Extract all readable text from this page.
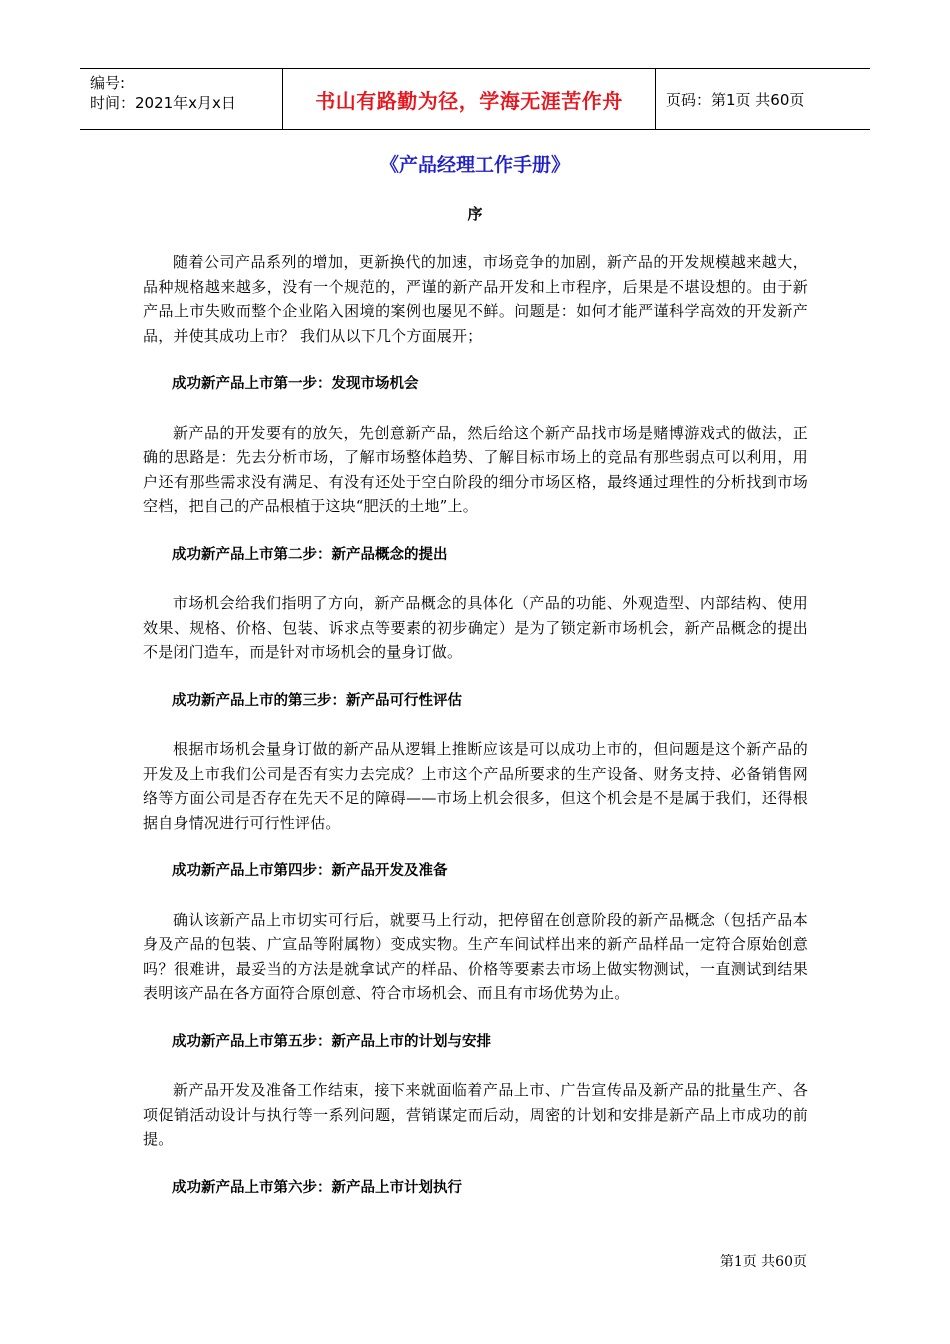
编号:
时间：2021年x月x日	书山有路勤为径，学海无涯苦作舟	页码：第1页 共60页
《产品经理工作手册》
序

随着公司产品系列的增加，更新换代的加速，市场竞争的加剧，新产品的开发规模越来越大，品种规格越来越多，没有一个规范的，严谨的新产品开发和上市程序，后果是不堪设想的。由于新产品上市失败而整个企业陷入困境的案例也屡见不鲜。问题是：如何才能严谨科学高效的开发新产品，并使其成功上市？ 我们从以下几个方面展开；

成功新产品上市第一步：发现市场机会

新产品的开发要有的放矢，先创意新产品，然后给这个新产品找市场是赌博游戏式的做法，正确的思路是：先去分析市场，了解市场整体趋势、了解目标市场上的竞品有那些弱点可以利用，用户还有那些需求没有满足、有没有还处于空白阶段的细分市场区格，最终通过理性的分析找到市场空档，把自己的产品根植于这块“肥沃的土地”上。

成功新产品上市第二步：新产品概念的提出

市场机会给我们指明了方向，新产品概念的具体化（产品的功能、外观造型、内部结构、使用效果、规格、价格、包装、诉求点等要素的初步确定）是为了锁定新市场机会，新产品概念的提出不是闭门造车，而是针对市场机会的量身订做。

成功新产品上市的第三步：新产品可行性评估

根据市场机会量身订做的新产品从逻辑上推断应该是可以成功上市的，但问题是这个新产品的开发及上市我们公司是否有实力去完成？上市这个产品所要求的生产设备、财务支持、必备销售网络等方面公司是否存在先天不足的障碍——市场上机会很多，但这个机会是不是属于我们，还得根据自身情况进行可行性评估。

成功新产品上市第四步：新产品开发及准备

确认该新产品上市切实可行后，就要马上行动，把停留在创意阶段的新产品概念（包括产品本身及产品的包装、广宣品等附属物）变成实物。生产车间试样出来的新产品样品一定符合原始创意吗？很难讲，最妥当的方法是就拿试产的样品、价格等要素去市场上做实物测试，一直测试到结果表明该产品在各方面符合原创意、符合市场机会、而且有市场优势为止。

成功新产品上市第五步：新产品上市的计划与安排

新产品开发及准备工作结束，接下来就面临着产品上市、广告宣传品及新产品的批量生产、各项促销活动设计与执行等一系列问题，营销谋定而后动，周密的计划和安排是新产品上市成功的前提。

成功新产品上市第六步：新产品上市计划执行

第1页 共60页
